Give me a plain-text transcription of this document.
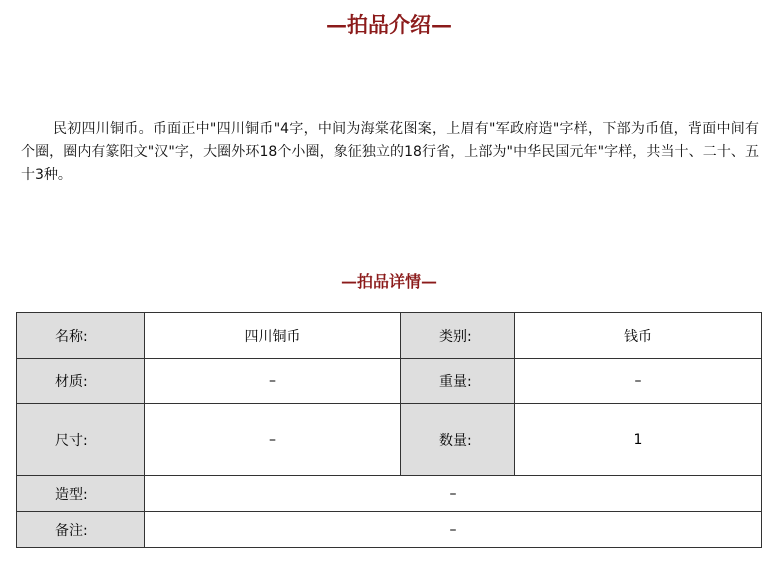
—拍品介绍—

民初四川铜币。币面正中"四川铜币"4字，中间为海棠花图案，上眉有"军政府造"字样，下部为币值，背面中间有个圈，圈内有篆阳文"汉"字，大圈外环18个小圈，象征独立的18行省，上部为"中华民国元年"字样，共当十、二十、五十3种。

—拍品详情—
名称:	四川铜币	类别:	钱币
材质:	–	重量:	–
尺寸:	–	数量:	1
造型:	–		
备注:	–		
